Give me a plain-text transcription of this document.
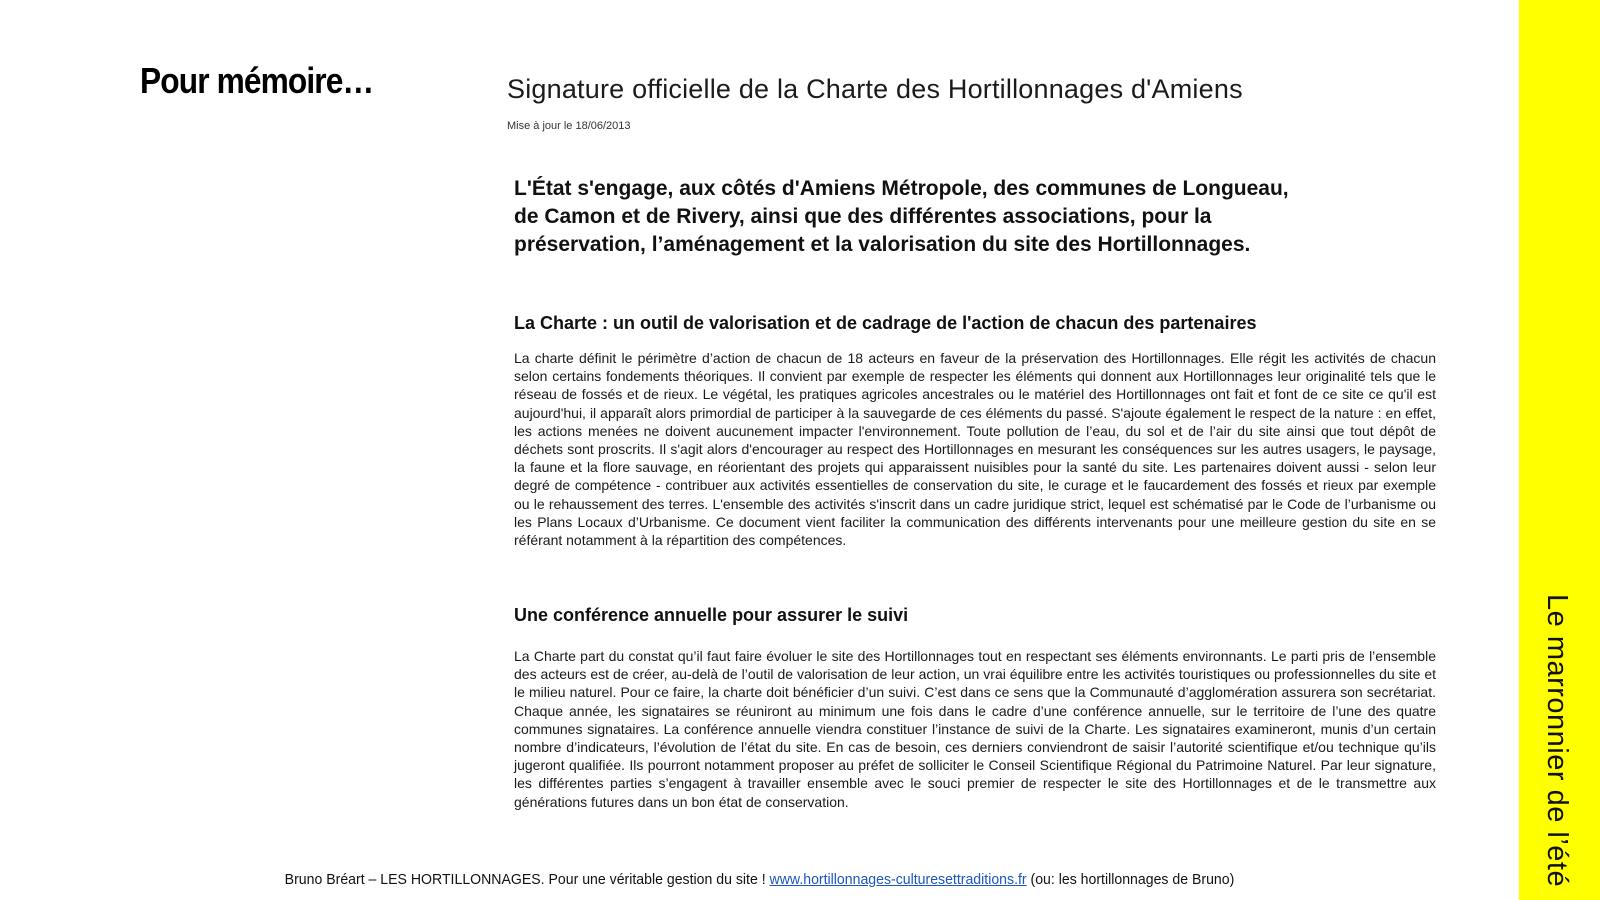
Pour mémoire…	Signature officielle de la Charte des Hortillonnages d'Amiens
Mise à jour le 18/06/2013
L'État s'engage, aux côtés d'Amiens Métropole, des communes de Longueau, de Camon et de Rivery, ainsi que des différentes associations, pour la préservation, l’aménagement et la valorisation du site des Hortillonnages.
La Charte : un outil de valorisation et de cadrage de l'action de chacun des partenaires
La charte définit le périmètre d’action de chacun de 18 acteurs en faveur de la préservation des Hortillonnages. Elle régit les activités de chacun selon certains fondements théoriques. Il convient par exemple de respecter les éléments qui donnent aux Hortillonnages leur originalité tels que le réseau de fossés et de rieux. Le végétal, les pratiques agricoles ancestrales ou le matériel des Hortillonnages ont fait et font de ce site ce qu'il est aujourd'hui, il apparaît alors primordial de participer à la sauvegarde de ces éléments du passé. S'ajoute également le respect de la nature : en effet, les actions menées ne doivent aucunement impacter l'environnement. Toute pollution de l’eau, du sol et de l’air du site ainsi que tout dépôt de déchets sont proscrits. Il s'agit alors d'encourager au respect des Hortillonnages en mesurant les conséquences sur les autres usagers, le paysage, la faune et la flore sauvage, en réorientant des projets qui apparaissent nuisibles pour la santé du site. Les partenaires doivent aussi - selon leur degré de compétence - contribuer aux activités essentielles de conservation du site, le curage et le faucardement des fossés et rieux par exemple ou le rehaussement des terres. L'ensemble des activités s'inscrit dans un cadre juridique strict, lequel est schématisé par le Code de l’urbanisme ou les Plans Locaux d’Urbanisme. Ce document vient faciliter la communication des différents intervenants pour une meilleure gestion du site en se référant notamment à la répartition des compétences.
Une conférence annuelle pour assurer le suivi
La Charte part du constat qu’il faut faire évoluer le site des Hortillonnages tout en respectant ses éléments environnants. Le parti pris de l’ensemble des acteurs est de créer, au-delà de l’outil de valorisation de leur action, un vrai équilibre entre les activités touristiques ou professionnelles du site et le milieu naturel. Pour ce faire, la charte doit bénéficier d’un suivi. C’est dans ce sens que la Communauté d’agglomération assurera son secrétariat. Chaque année, les signataires se réuniront au minimum une fois dans le cadre d’une conférence annuelle, sur le territoire de l’une des quatre communes signataires. La conférence annuelle viendra constituer l’instance de suivi de la Charte. Les signataires examineront, munis d’un certain nombre d’indicateurs, l’évolution de l’état du site. En cas de besoin, ces derniers conviendront de saisir l’autorité scientifique et/ou technique qu’ils jugeront qualifiée. Ils pourront notamment proposer au préfet de solliciter le Conseil Scientifique Régional du Patrimoine Naturel. Par leur signature, les différentes parties s’engagent à travailler ensemble avec le souci premier de respecter le site des Hortillonnages et de le transmettre aux générations futures dans un bon état de conservation.
Bruno Bréart – LES HORTILLONNAGES. Pour une véritable gestion du site ! www.hortillonnages-culturesettraditions.fr (ou: les hortillonnages de Bruno)	Le marronnier de l’été
